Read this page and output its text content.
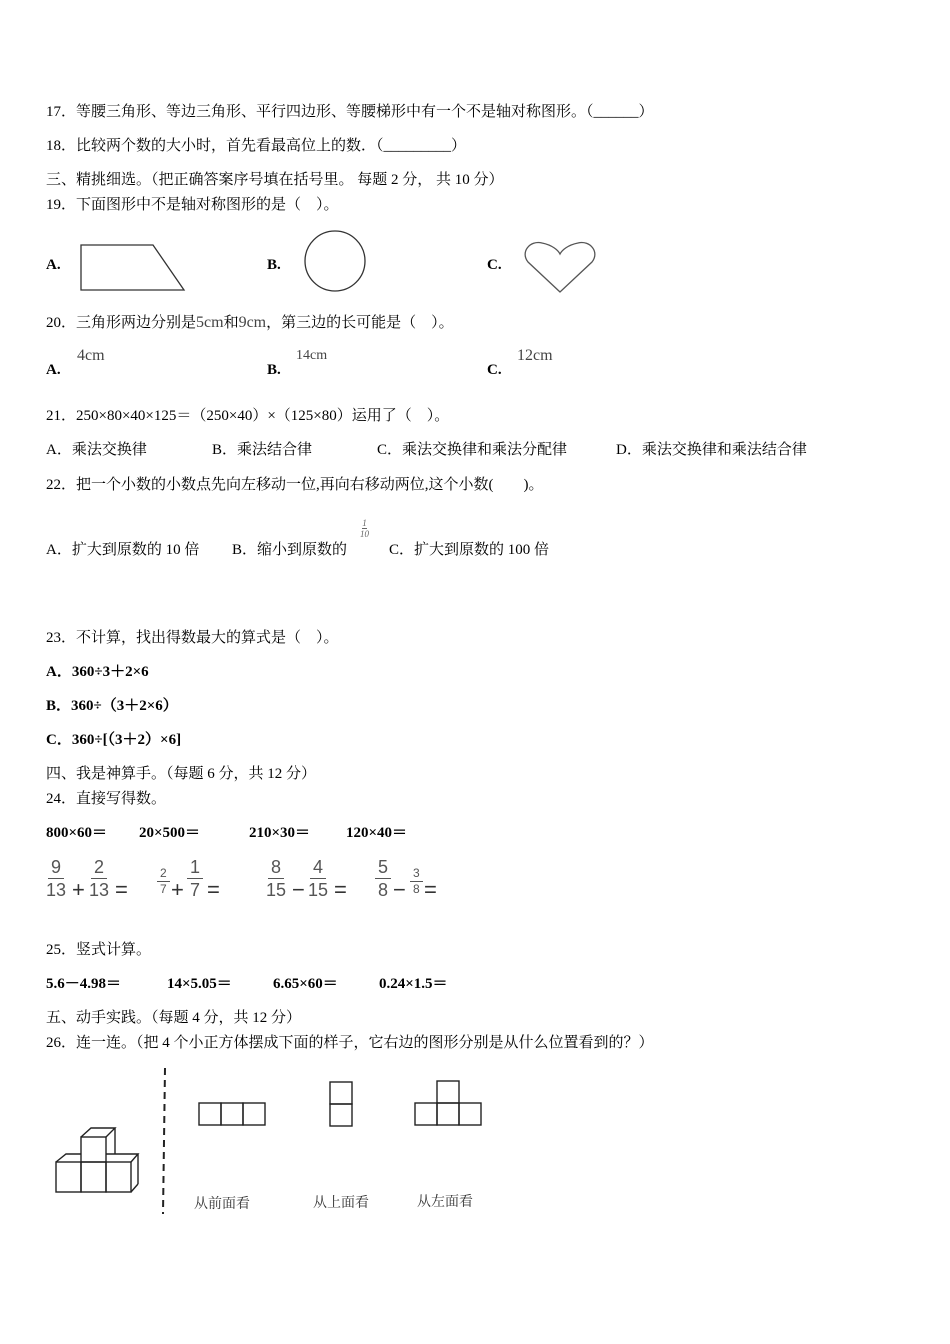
17．等腰三角形、等边三角形、平行四边形、等腰梯形中有一个不是轴对称图形。（______）
18．比较两个数的大小时，首先看最高位上的数．（_________）
三、精挑细选。（把正确答案序号填在括号里。 每题 2 分， 共 10 分）
19．下面图形中不是轴对称图形的是（　）。
A.	B.	C.
20．三角形两边分别是5cm和9cm，第三边的长可能是（　）。
A.
4cm
B.
14cm
C.
12cm
21．250×80×40×125＝（250×40）×（125×80）运用了（　）。
A．乘法交换律	B．乘法结合律	C．乘法交换律和乘法分配律	D．乘法交换律和乘法结合律
22．把一个小数的小数点先向左移动一位,再向右移动两位,这个小数(　　)。
A．扩大到原数的 10 倍 B．缩小到原数的
$\frac{1}{10}$
C．扩大到原数的 100 倍
23．不计算，找出得数最大的算式是（　）。
A．360÷3＋2×6
B．360÷（3＋2×6）
C．360÷[（3＋2）×6]
四、我是神算手。（每题 6 分，共 12 分）
24．直接写得数。
800×60＝ 20×500＝	210×30＝ 120×40＝
$\frac{9}{13} + \frac{2}{13} = \frac{2}{7} + \frac{1}{7}$ =	$\frac{8}{15} - \frac{4}{15} = \frac{5}{8} - \frac{3}{8}$ =
25．竖式计算。
5.6－4.98＝	14×5.05＝	6.65×60＝	0.24×1.5＝
五、动手实践。（每题 4 分，共 12 分）
26．连一连。（把 4 个小正方体摆成下面的样子，它右边的图形分别是从什么位置看到的？）
从前面看	从上面看	从左面看
